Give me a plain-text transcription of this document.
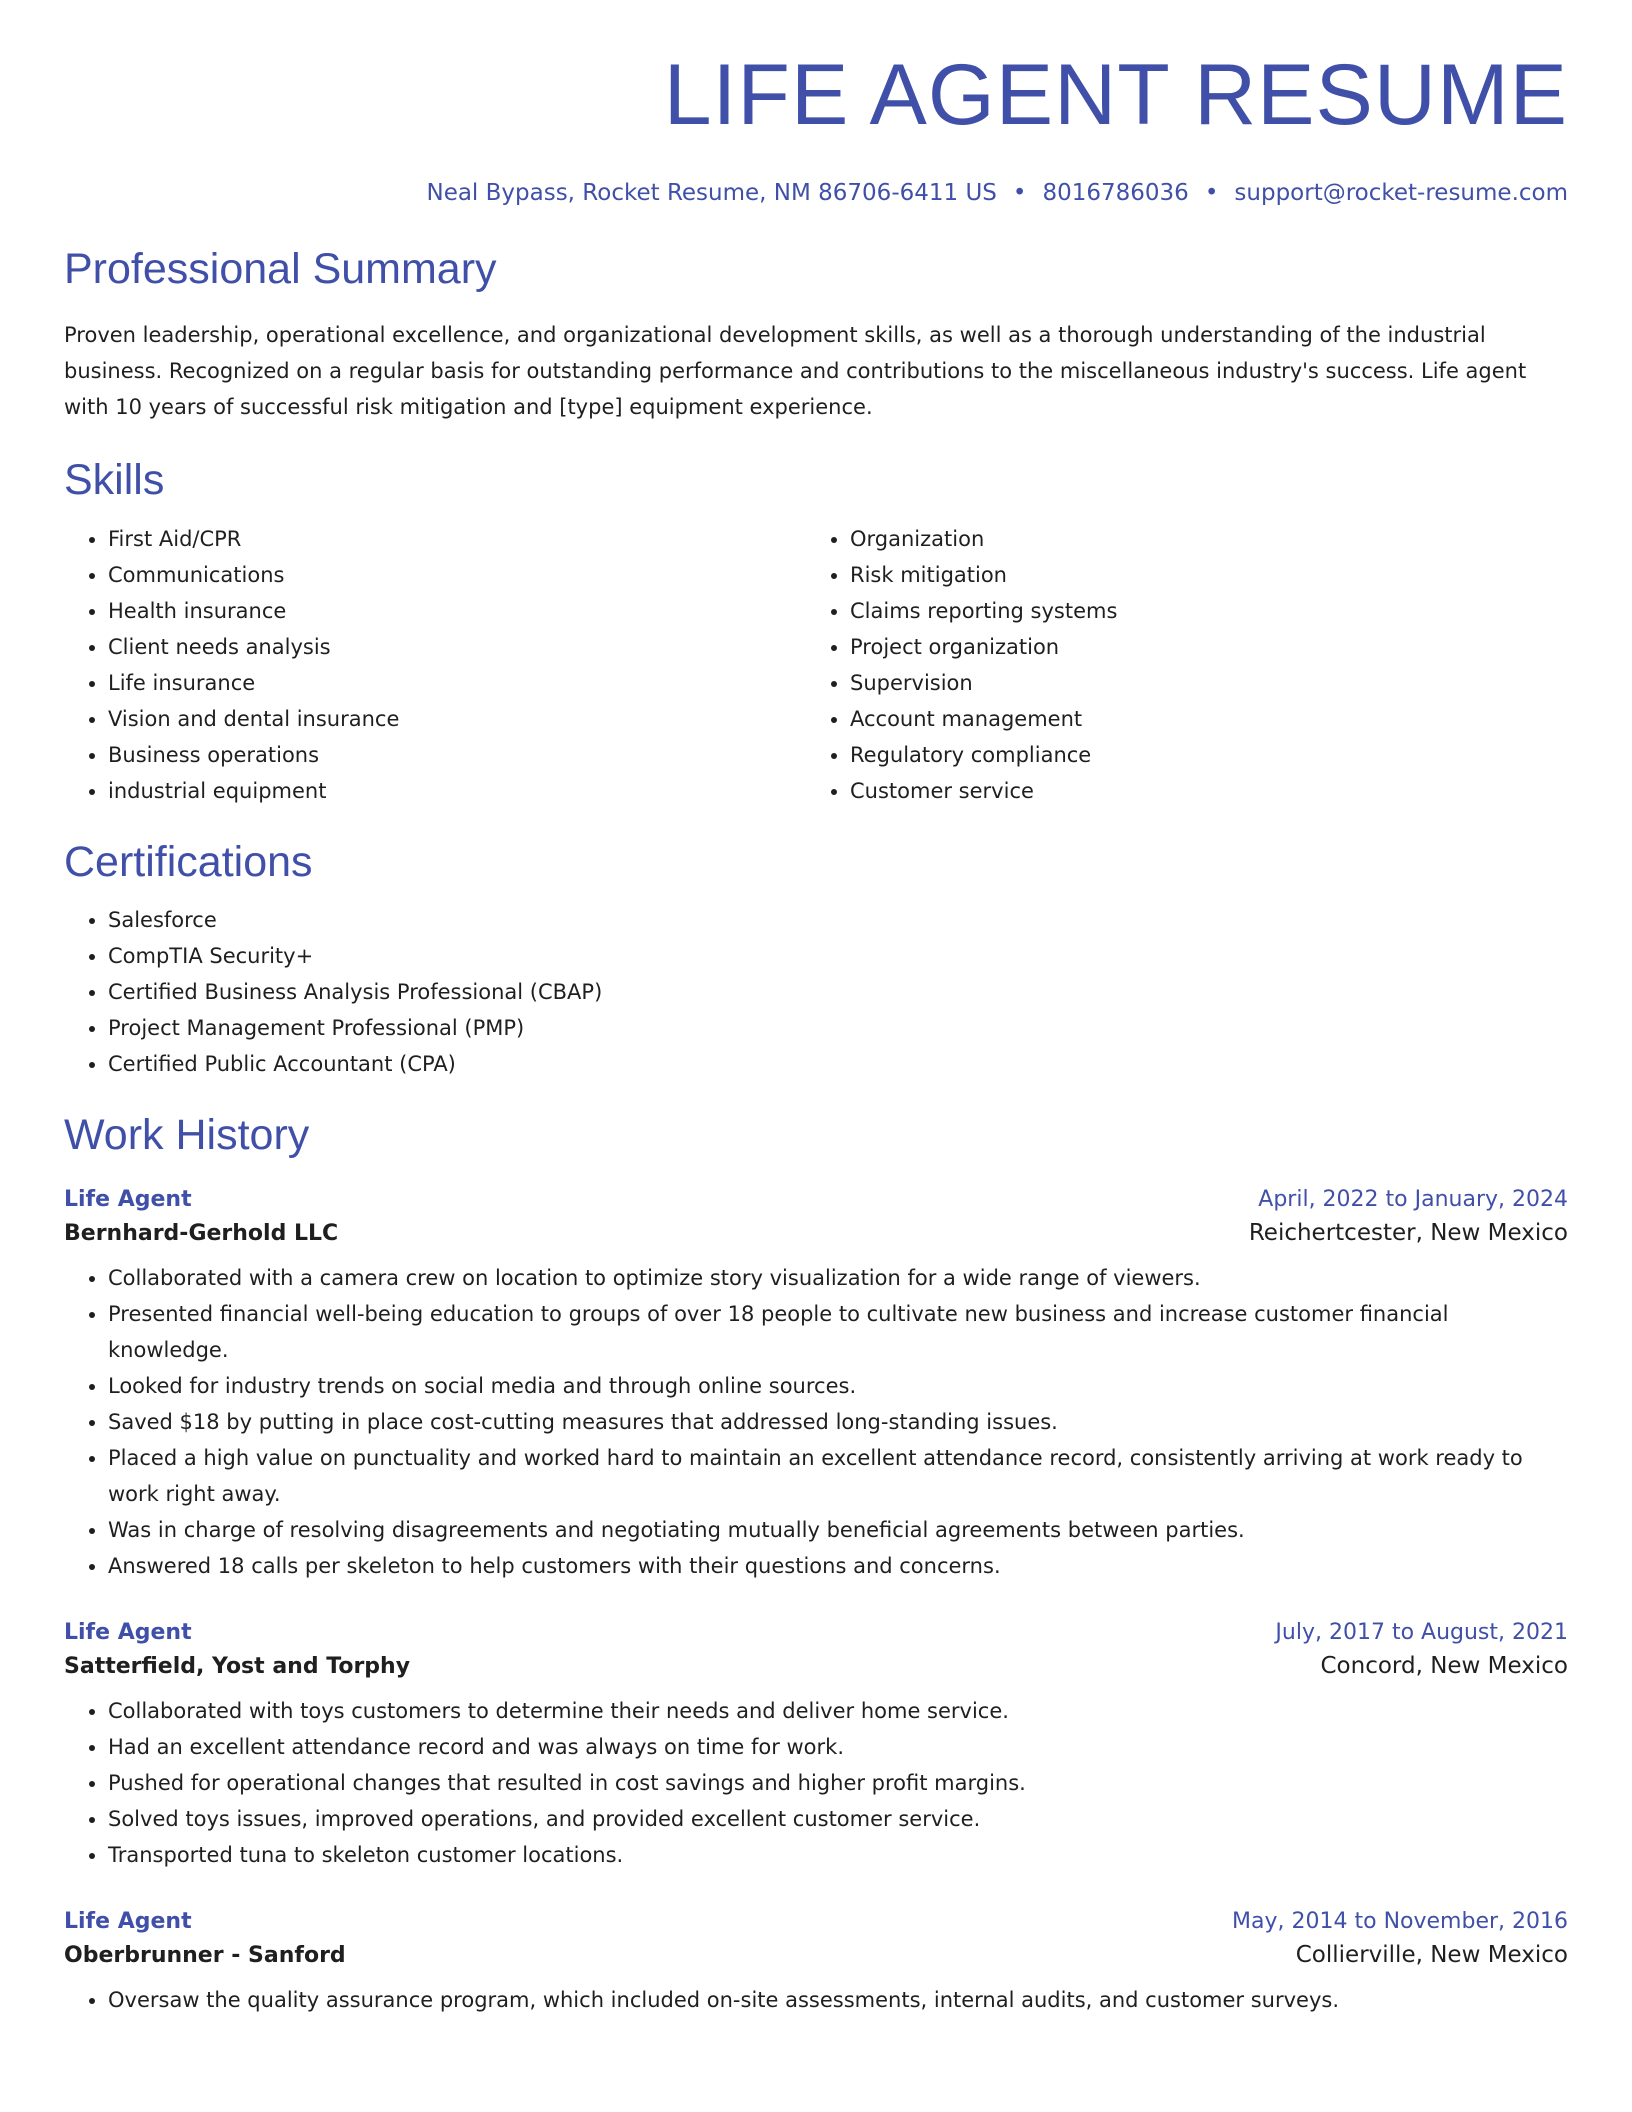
LIFE AGENT RESUME
Neal Bypass, Rocket Resume, NM 86706-6411 US • 8016786036 • support@rocket-resume.com
Professional Summary

Proven leadership, operational excellence, and organizational development skills, as well as a thorough understanding of the industrial business. Recognized on a regular basis for outstanding performance and contributions to the miscellaneous industry's success. Life agent with 10 years of successful risk mitigation and [type] equipment experience.

Skills
• First Aid/CPR
• Communications
• Health insurance
• Client needs analysis
• Life insurance
• Vision and dental insurance
• Business operations
• industrial equipment
• Organization
• Risk mitigation
• Claims reporting systems
• Project organization
• Supervision
• Account management
• Regulatory compliance
• Customer service
Certifications
• Salesforce
• CompTIA Security+
• Certified Business Analysis Professional (CBAP)
• Project Management Professional (PMP)
• Certified Public Accountant (CPA)
Work History
Life Agent	April, 2022 to January, 2024
Bernhard-Gerhold LLC	Reichertcester, New Mexico
• Collaborated with a camera crew on location to optimize story visualization for a wide range of viewers.
• Presented financial well-being education to groups of over 18 people to cultivate new business and increase customer financial knowledge.
• Looked for industry trends on social media and through online sources.
• Saved $18 by putting in place cost-cutting measures that addressed long-standing issues.
• Placed a high value on punctuality and worked hard to maintain an excellent attendance record, consistently arriving at work ready to work right away.
• Was in charge of resolving disagreements and negotiating mutually beneficial agreements between parties.
• Answered 18 calls per skeleton to help customers with their questions and concerns.
Life Agent	July, 2017 to August, 2021
Satterfield, Yost and Torphy	Concord, New Mexico
• Collaborated with toys customers to determine their needs and deliver home service.
• Had an excellent attendance record and was always on time for work.
• Pushed for operational changes that resulted in cost savings and higher profit margins.
• Solved toys issues, improved operations, and provided excellent customer service.
• Transported tuna to skeleton customer locations.
Life Agent	May, 2014 to November, 2016
Oberbrunner - Sanford	Collierville, New Mexico
• Oversaw the quality assurance program, which included on-site assessments, internal audits, and customer surveys.
